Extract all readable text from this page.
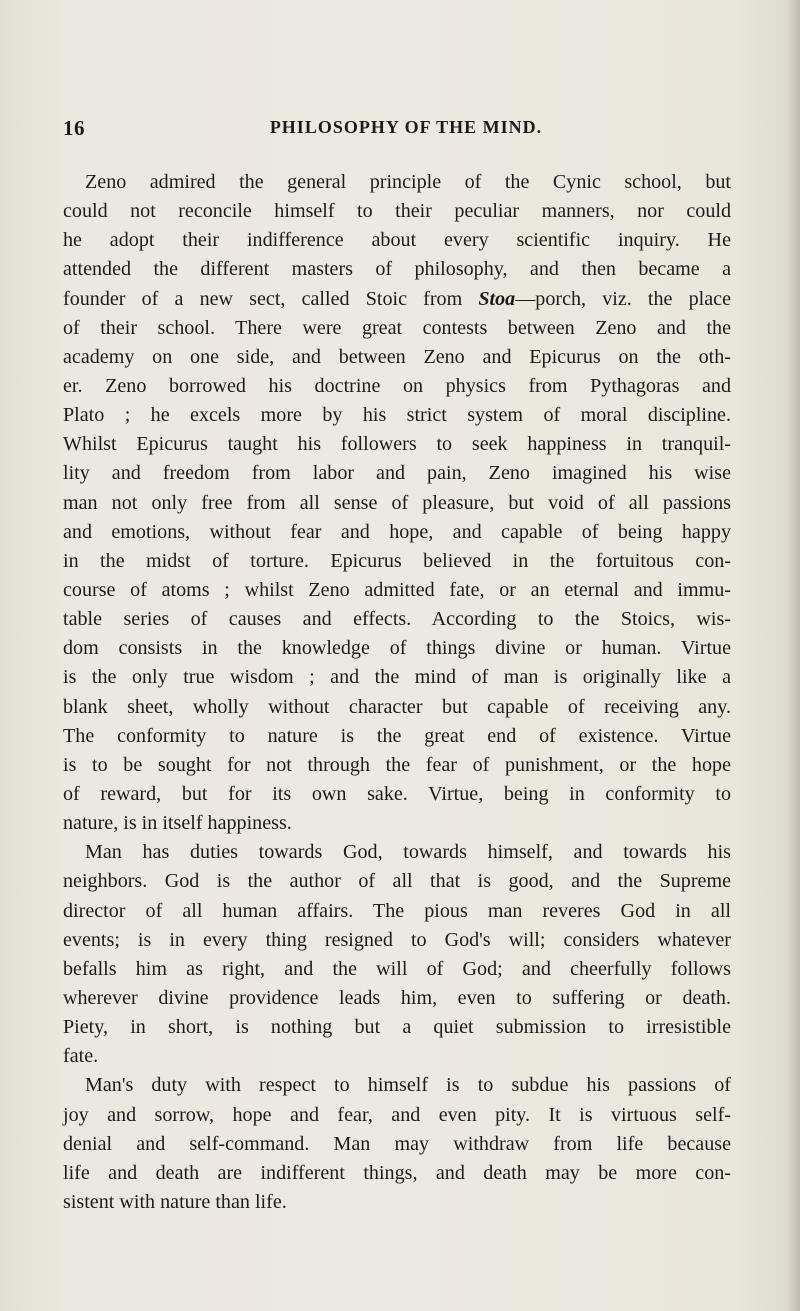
16	PHILOSOPHY OF THE MIND.
Zeno admired the general principle of the Cynic school, but
could not reconcile himself to their peculiar manners, nor could
he adopt their indifference about every scientific inquiry. He
attended the different masters of philosophy, and then became a
founder of a new sect, called Stoic from Stoa—porch, viz. the place
of their school. There were great contests between Zeno and the
academy on one side, and between Zeno and Epicurus on the oth-
er. Zeno borrowed his doctrine on physics from Pythagoras and
Plato ; he excels more by his strict system of moral discipline.
Whilst Epicurus taught his followers to seek happiness in tranquil-
lity and freedom from labor and pain, Zeno imagined his wise
man not only free from all sense of pleasure, but void of all passions
and emotions, without fear and hope, and capable of being happy
in the midst of torture. Epicurus believed in the fortuitous con-
course of atoms ; whilst Zeno admitted fate, or an eternal and immu-
table series of causes and effects. According to the Stoics, wis-
dom consists in the knowledge of things divine or human. Virtue
is the only true wisdom ; and the mind of man is originally like a
blank sheet, wholly without character but capable of receiving any.
The conformity to nature is the great end of existence. Virtue
is to be sought for not through the fear of punishment, or the hope
of reward, but for its own sake. Virtue, being in conformity to
nature, is in itself happiness.
Man has duties towards God, towards himself, and towards his
neighbors. God is the author of all that is good, and the Supreme
director of all human affairs. The pious man reveres God in all
events; is in every thing resigned to God's will; considers whatever
befalls him as right, and the will of God; and cheerfully follows
wherever divine providence leads him, even to suffering or death.
Piety, in short, is nothing but a quiet submission to irresistible
fate.
Man's duty with respect to himself is to subdue his passions of
joy and sorrow, hope and fear, and even pity. It is virtuous self-
denial and self-command. Man may withdraw from life because
life and death are indifferent things, and death may be more con-
sistent with nature than life.
